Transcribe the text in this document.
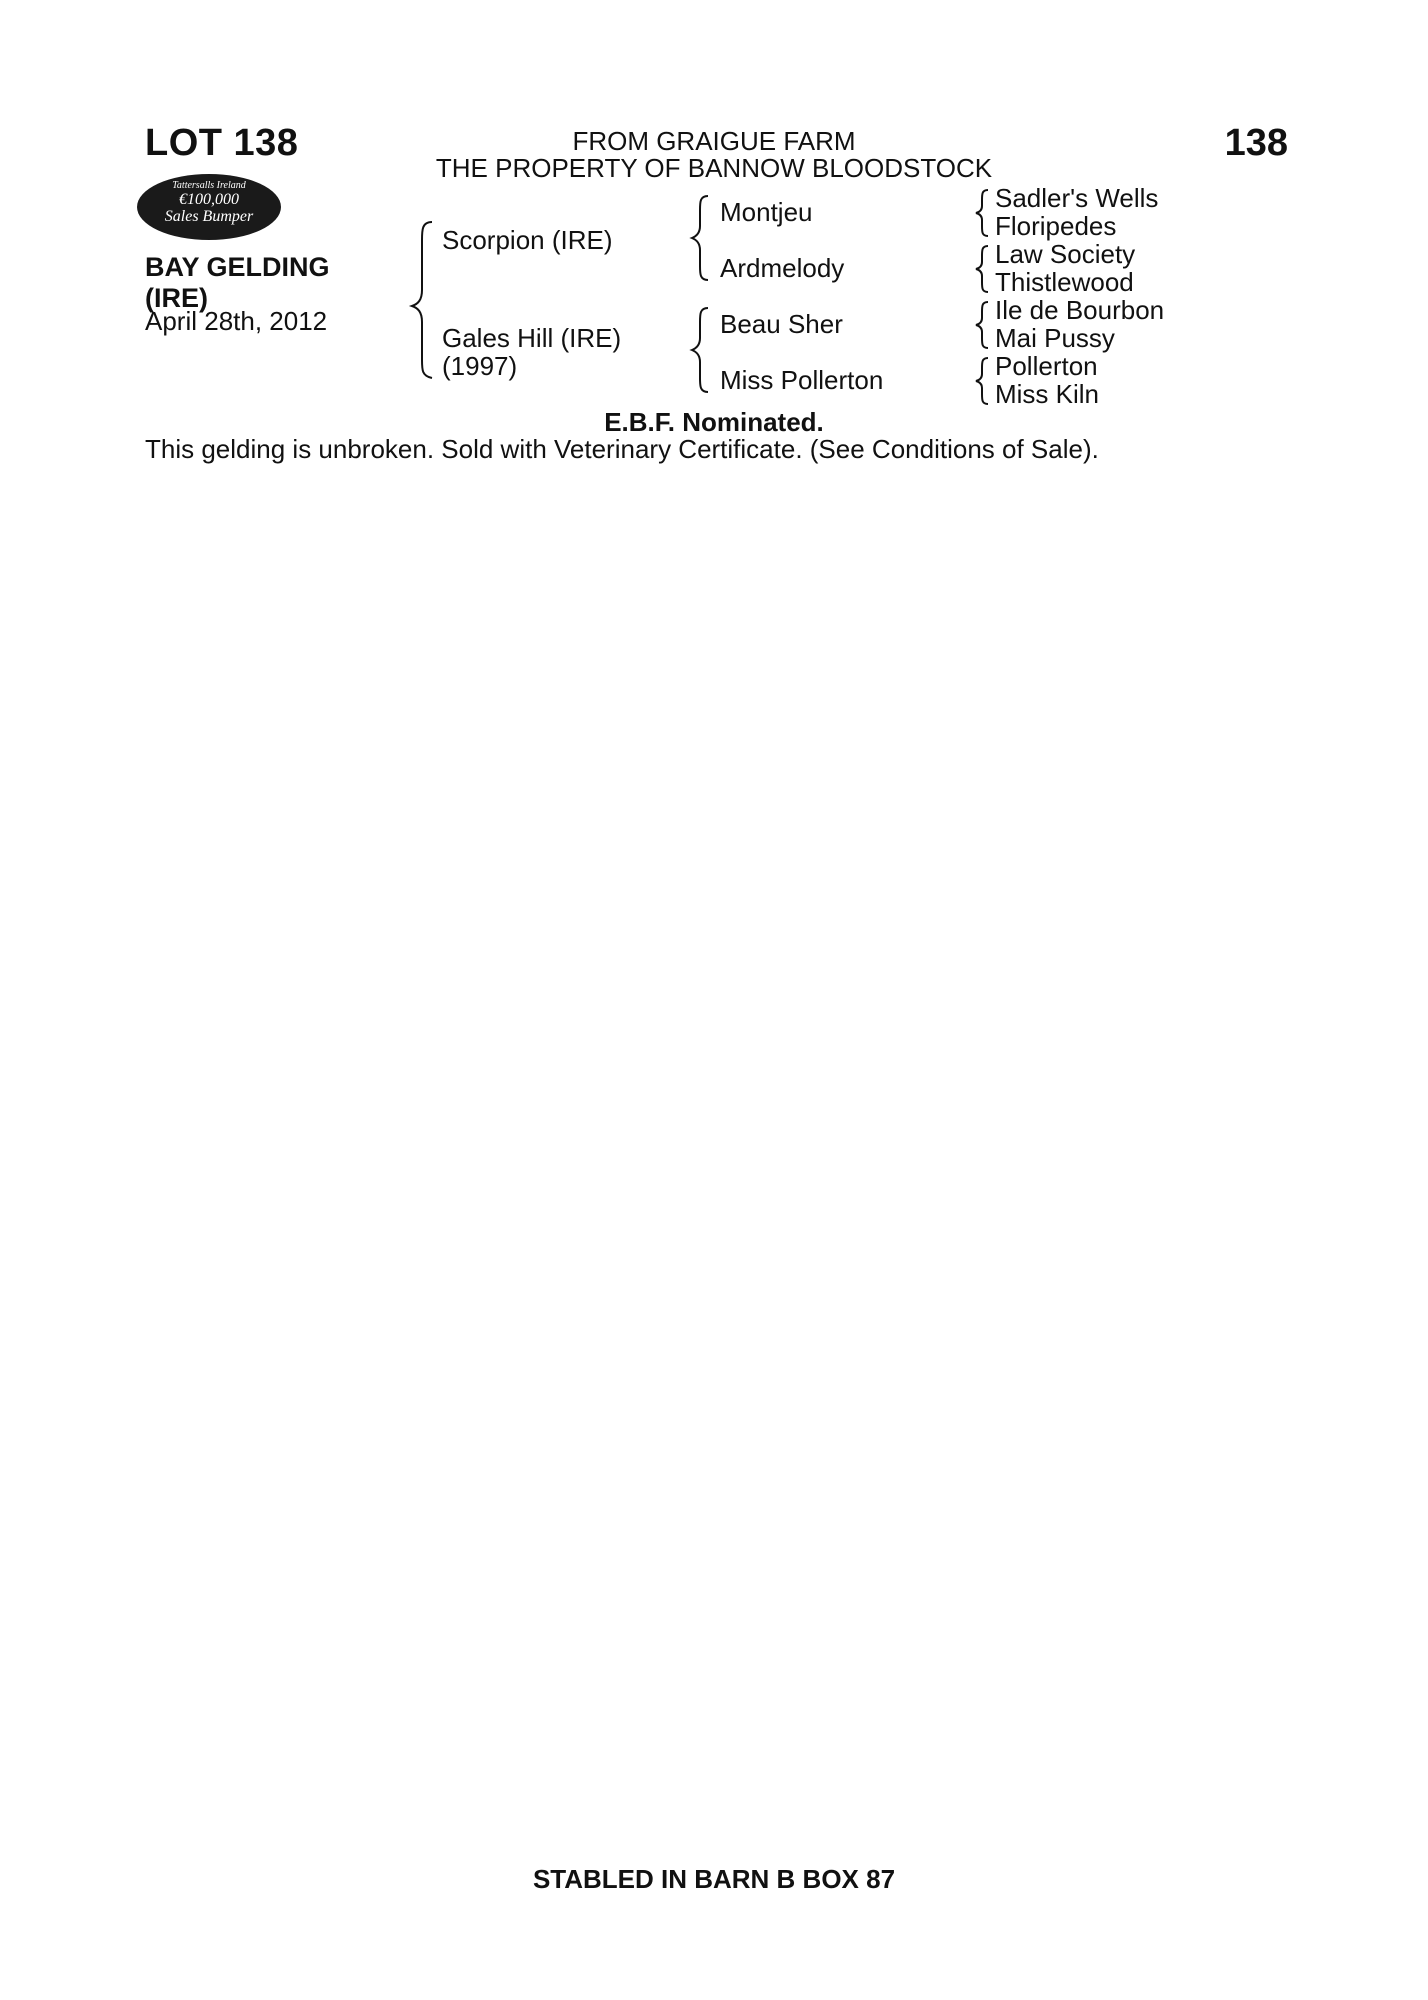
LOT 138	138
FROM GRAIGUE FARM
THE PROPERTY OF BANNOW BLOODSTOCK
Tattersalls Ireland
€100,000
Sales Bumper
BAY GELDING
(IRE)
April 28th, 2012
Scorpion (IRE)
Gales Hill (IRE)
(1997)
Montjeu
Ardmelody
Beau Sher
Miss Pollerton
Sadler's Wells
Floripedes
Law Society
Thistlewood
Ile de Bourbon
Mai Pussy
Pollerton
Miss Kiln
E.B.F. Nominated.
This gelding is unbroken. Sold with Veterinary Certificate. (See Conditions of Sale).
STABLED IN BARN B BOX 87
